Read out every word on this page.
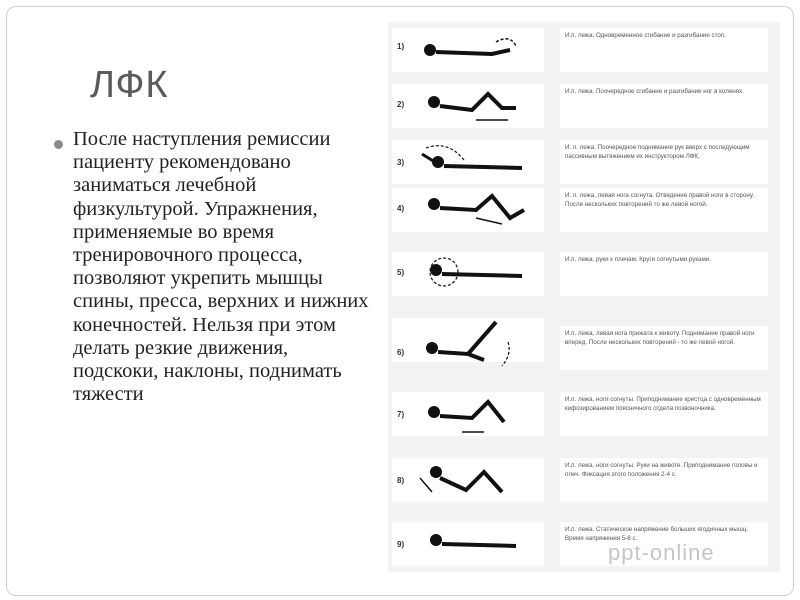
ЛФК
После наступления ремиссии пациенту рекомендовано заниматься лечебной физкультурой. Упражнения, применяемые во время тренировочного процесса, позволяют укрепить мышцы спины, пресса, верхних и нижних конечностей. Нельзя при этом делать резкие движения, подскоки, наклоны, поднимать тяжести
1)
И.п. лежа. Одновременное сгибание и разгибание стоп.
2)
И.п. лежа. Поочередное сгибание и разгибание ног в коленях.
3)
И. п. лежа. Поочередное поднимание рук вверх с последующим пассивным вытяжением их инструктором ЛФК.
4)
И. п. лежа, левая нога согнута. Отведение правой ноги в сторону. После нескольких повторений то же левой ногой.
5)
И.п. лежа, руки к плечам. Круги согнутыми руками.
6)
И.п. лежа, левая нога прижата к животу. Поднимание правой ноги вперед. После нескольких повторений - то же левой ногой.
7)
И.п. лежа, ноги согнуты. Приподнимание крестца с одновременным кифозированием поясничного отдела позвоночника.
8)
И.п. лежа, ноги согнуты. Руки на животе. Приподнимание головы и плеч. Фиксация этого положения 2-4 с.
9)
И.п. лежа. Статическое напряжение больших ягодичных мышц. Время напряжения 5-8 с.
ppt-online
